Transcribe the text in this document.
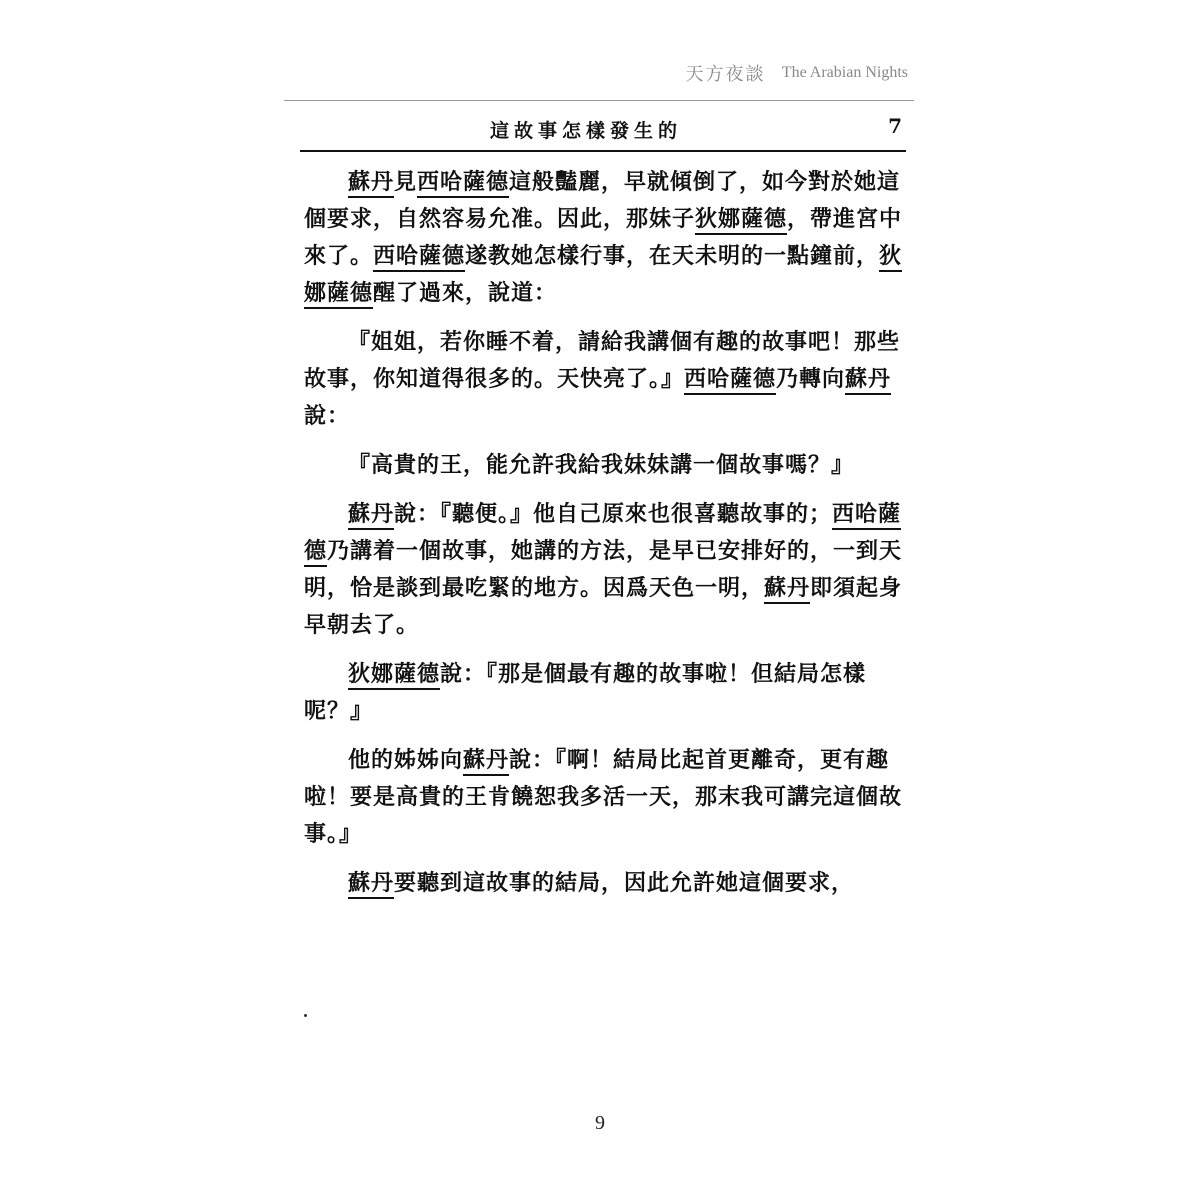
天方夜談 The Arabian Nights
這故事怎樣發生的	7

蘇丹見西哈薩德這般豔麗，早就傾倒了，如今對於她這個要求，自然容易允准。因此，那妹子狄娜薩德，帶進宮中來了。西哈薩德遂教她怎樣行事，在天未明的一點鐘前，狄娜薩德醒了過來，說道：

『姐姐，若你睡不着，請給我講個有趣的故事吧！那些故事，你知道得很多的。天快亮了。』西哈薩德乃轉向蘇丹說：

『高貴的王，能允許我給我妹妹講一個故事嗎？』

蘇丹說：『聽便。』他自己原來也很喜聽故事的；西哈薩德乃講着一個故事，她講的方法，是早已安排好的，一到天明，恰是談到最吃緊的地方。因爲天色一明，蘇丹即須起身早朝去了。

狄娜薩德說：『那是個最有趣的故事啦！但結局怎樣呢？』

他的姊姊向蘇丹說：『啊！結局比起首更離奇，更有趣啦！要是高貴的王肯饒恕我多活一天，那末我可講完這個故事。』

蘇丹要聽到這故事的結局，因此允許她這個要求，

9
